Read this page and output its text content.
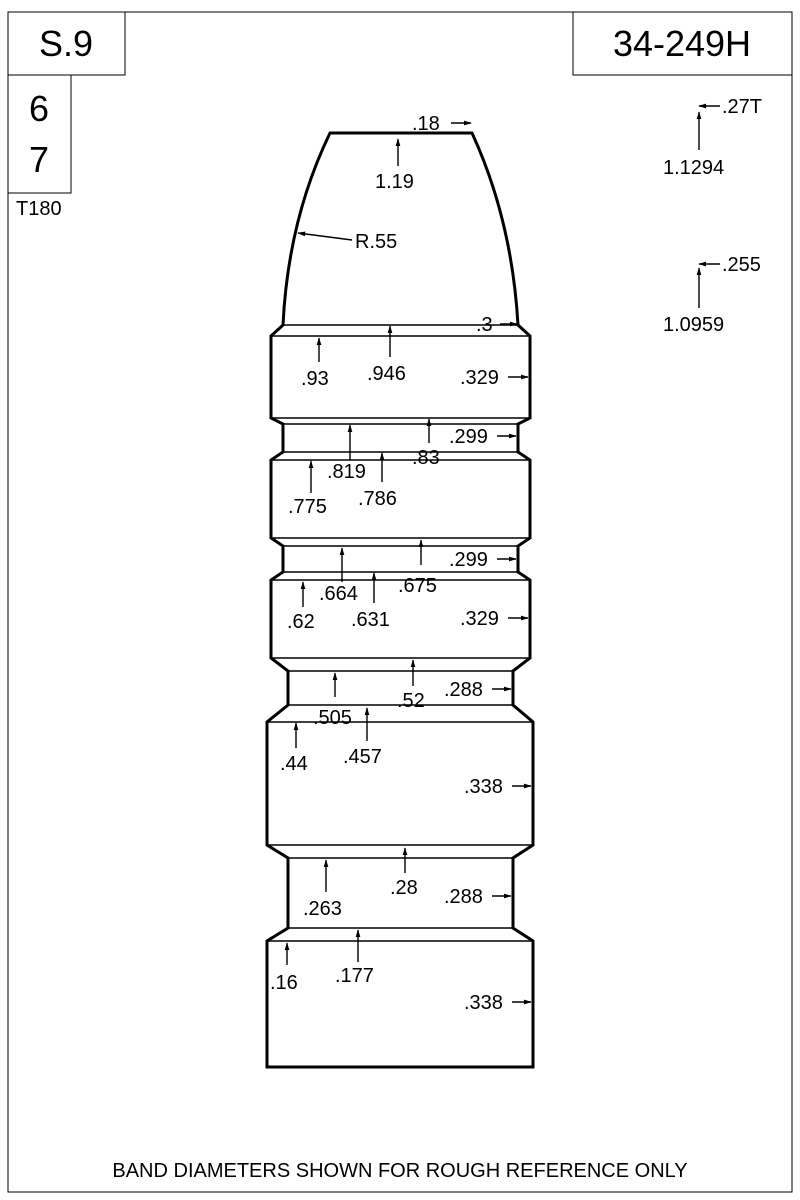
S.9	34-249H
6
7
T180
.27T
1.1294
.255
1.0959
.18
1.19
R.55
.3
.93 .946	.329
.819
.83
.299
.775 .786
.664 .675
.299
.62 .631	.329
.505
.52 .288
.44 .457
.338
.263
.28 .288
.16 .177
.338
BAND DIAMETERS SHOWN FOR ROUGH REFERENCE ONLY
